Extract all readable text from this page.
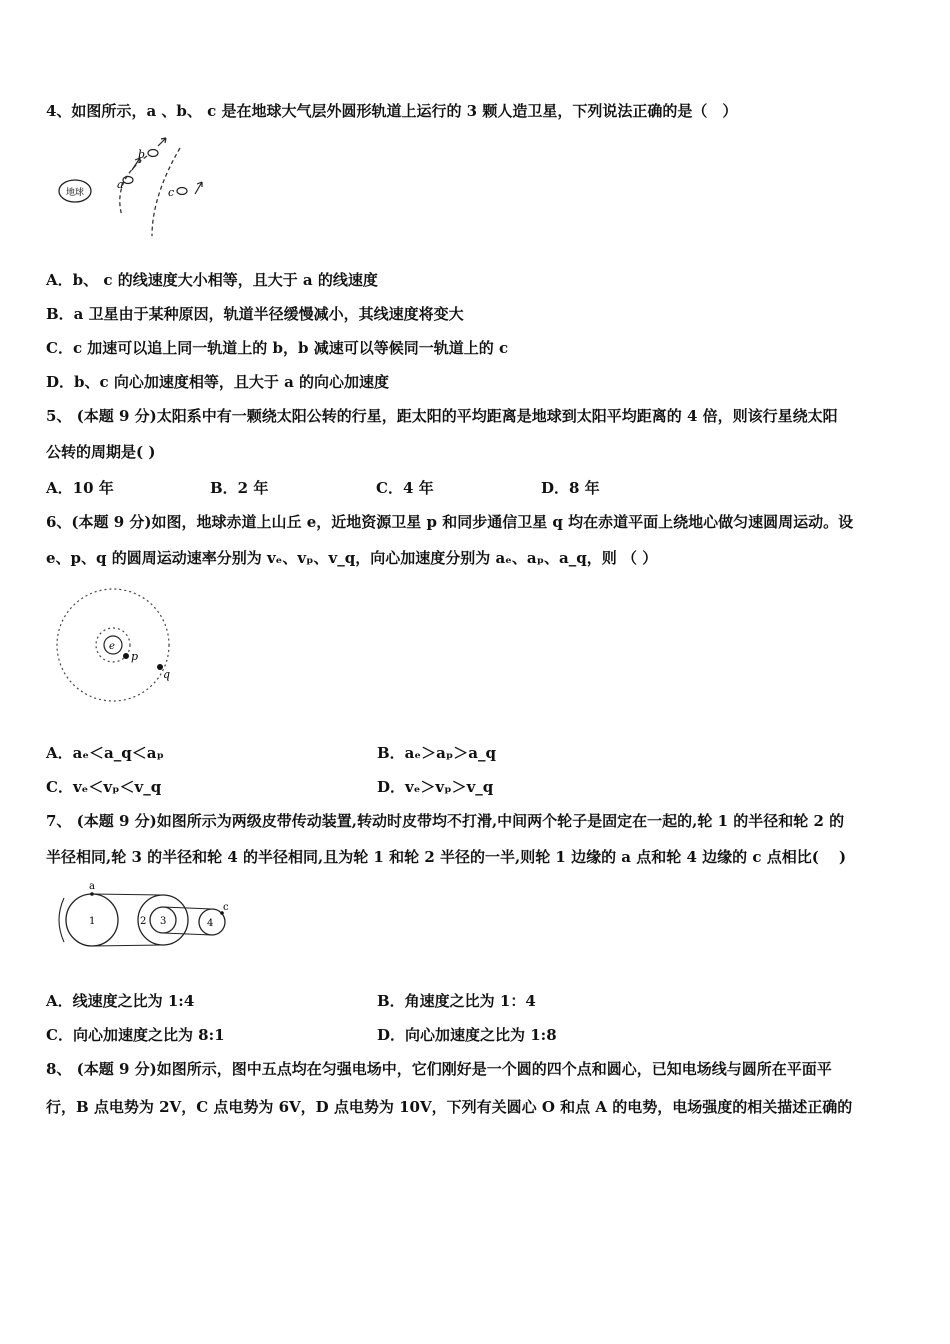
4、如图所示，a 、b、 c 是在地球大气层外圆形轨道上运行的 3 颗人造卫星，下列说法正确的是（　）
地球
a
b
c
A．b、 c 的线速度大小相等，且大于 a 的线速度
B．a 卫星由于某种原因，轨道半径缓慢减小，其线速度将变大
C．c 加速可以追上同一轨道上的 b，b 减速可以等候同一轨道上的 c
D．b、c 向心加速度相等，且大于 a 的向心加速度
5、 (本题 9 分)太阳系中有一颗绕太阳公转的行星，距太阳的平均距离是地球到太阳平均距离的 4 倍，则该行星绕太阳
公转的周期是( )
A．10 年	B．2 年	C．4 年	D．8 年
6、(本题 9 分)如图，地球赤道上山丘 e，近地资源卫星 p 和同步通信卫星 q 均在赤道平面上绕地心做匀速圆周运动。设
e、p、q 的圆周运动速率分别为 vₑ、vₚ、v_q，向心加速度分别为 aₑ、aₚ、a_q，则 （ ）
e
p
q
A．aₑ＜a_q＜aₚ	B．aₑ＞aₚ＞a_q
C．vₑ＜vₚ＜v_q	D．vₑ＞vₚ＞v_q
7、 (本题 9 分)如图所示为两级皮带传动装置,转动时皮带均不打滑,中间两个轮子是固定在一起的,轮 1 的半径和轮 2 的
半径相同,轮 3 的半径和轮 4 的半径相同,且为轮 1 和轮 2 半径的一半,则轮 1 边缘的 a 点和轮 4 边缘的 c 点相比(　 )
1
a
2 3	4
c
A．线速度之比为 1:4	B．角速度之比为 1：4
C．向心加速度之比为 8:1	D．向心加速度之比为 1:8
8、 (本题 9 分)如图所示，图中五点均在匀强电场中，它们刚好是一个圆的四个点和圆心，已知电场线与圆所在平面平
行，B 点电势为 2V，C 点电势为 6V，D 点电势为 10V，下列有关圆心 O 和点 A 的电势，电场强度的相关描述正确的
